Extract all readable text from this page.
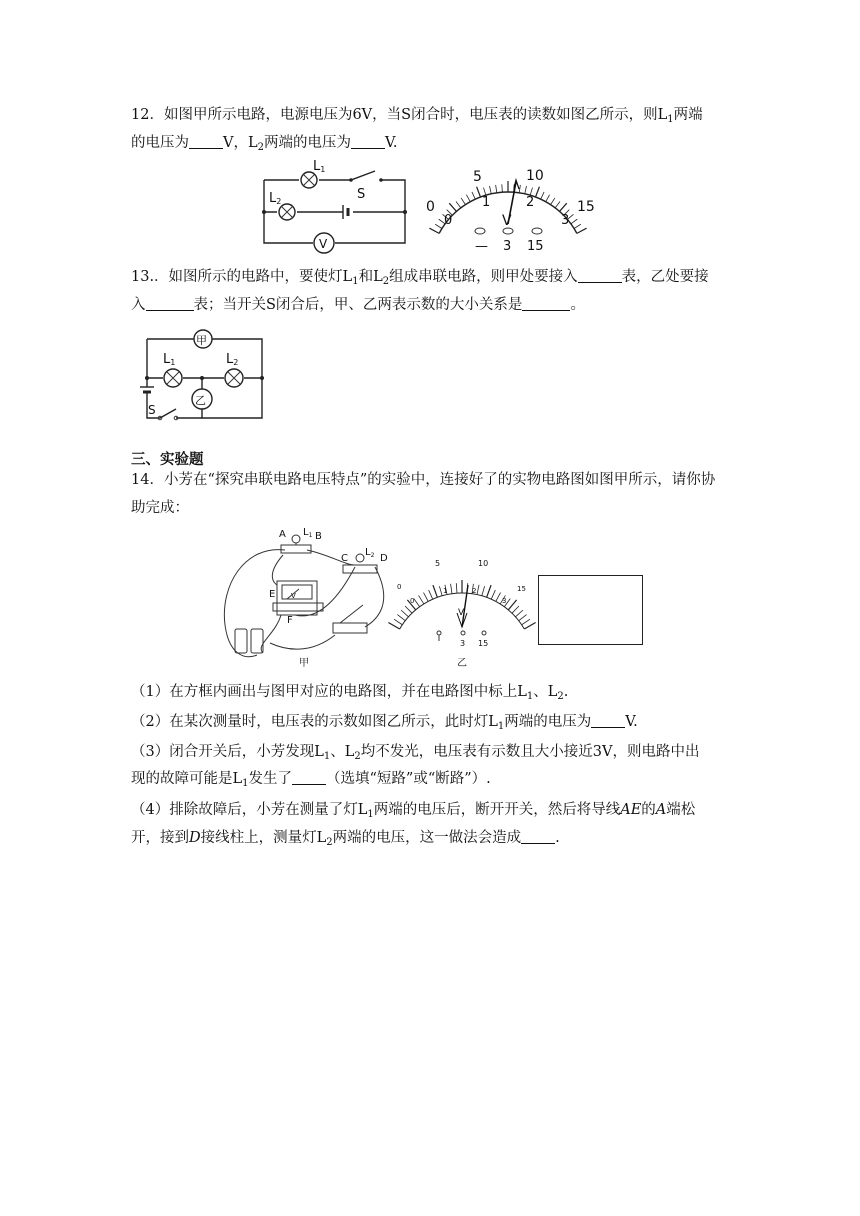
12．如图甲所示电路，电源电压为6V，当S闭合时，电压表的读数如图乙所示，则$L_1$两端
的电压为 V，$L_2$两端的电压为 V.
L1
L2	S
V
0
5	10
15
0
1	2
3
V
— 3 15
13.．如图所示的电路中，要使灯$L_1$和$L_2$组成串联电路，则甲处要接入	表，乙处要接
入	表；当开关S闭合后，甲、乙两表示数的大小关系是	。
甲
乙
L1	L2
S
三、实验题
14．小芳在“探究串联电路电压特点”的实验中，连接好了的实物电路图如图甲所示，请你协
助完成：
V
A $L_1$ B
C
$L_2$ D
E
F
甲
0
5	10
15
0
1	2
3
V
3 15
乙
（1）在方框内画出与图甲对应的电路图，并在电路图中标上$L_1$、$L_2$.
（2）在某次测量时，电压表的示数如图乙所示，此时灯$L_1$两端的电压为 V.
（3）闭合开关后，小芳发现$L_1$、$L_2$均不发光，电压表有示数且大小接近3V，则电路中出
现的故障可能是$L_1$发生了 （选填“短路”或“断路”）.
（4）排除故障后，小芳在测量了灯$L_1$两端的电压后，断开开关，然后将导线AE的A端松
开，接到D接线柱上，测量灯$L_2$两端的电压，这一做法会造成 .
